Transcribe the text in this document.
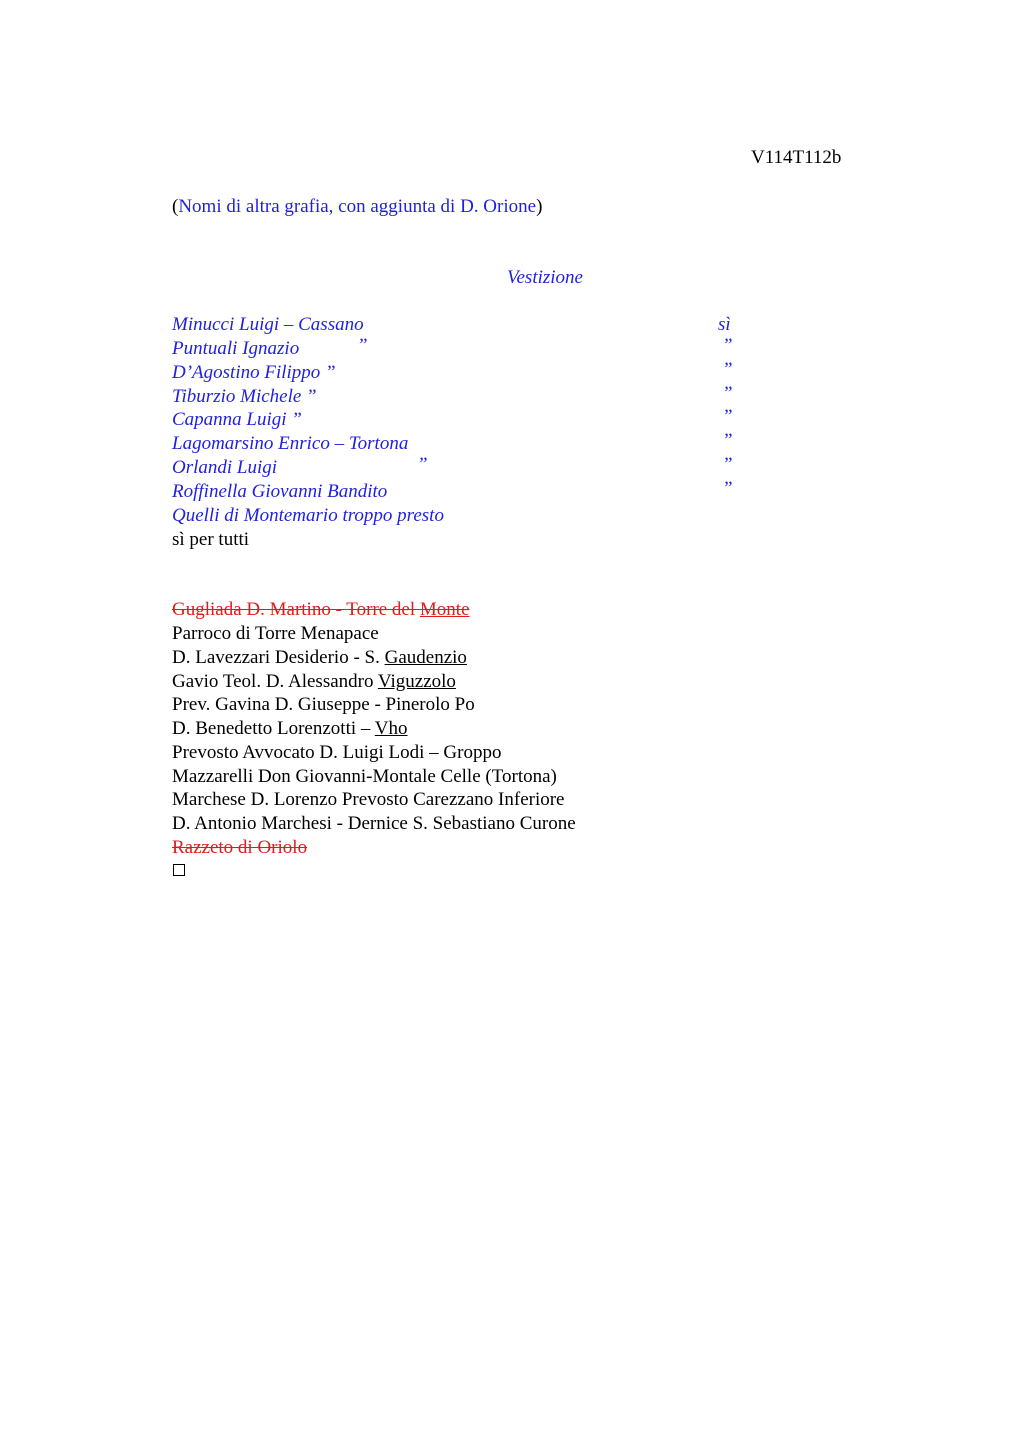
V114T112b
(Nomi di altra grafia, con aggiunta di D. Orione)
Vestizione
Minucci Luigi – Cassano	sì
Puntuali Ignazio	”	”
D’Agostino Filippo ”	”
Tiburzio Michele ”	”
Capanna Luigi ”	”
Lagomarsino Enrico – Tortona	”
Orlandi Luigi	”	”
Roffinella Giovanni Bandito	”
Quelli di Montemario troppo presto
sì per tutti
Gugliada D. Martino - Torre del Monte
Parroco di Torre Menapace
D. Lavezzari Desiderio - S. Gaudenzio
Gavio Teol. D. Alessandro Viguzzolo
Prev. Gavina D. Giuseppe - Pinerolo Po
D. Benedetto Lorenzotti – Vho
Prevosto Avvocato D. Luigi Lodi – Groppo
Mazzarelli Don Giovanni-Montale Celle (Tortona)
Marchese D. Lorenzo Prevosto Carezzano Inferiore
D. Antonio Marchesi - Dernice S. Sebastiano Curone
Razzeto di Oriolo
